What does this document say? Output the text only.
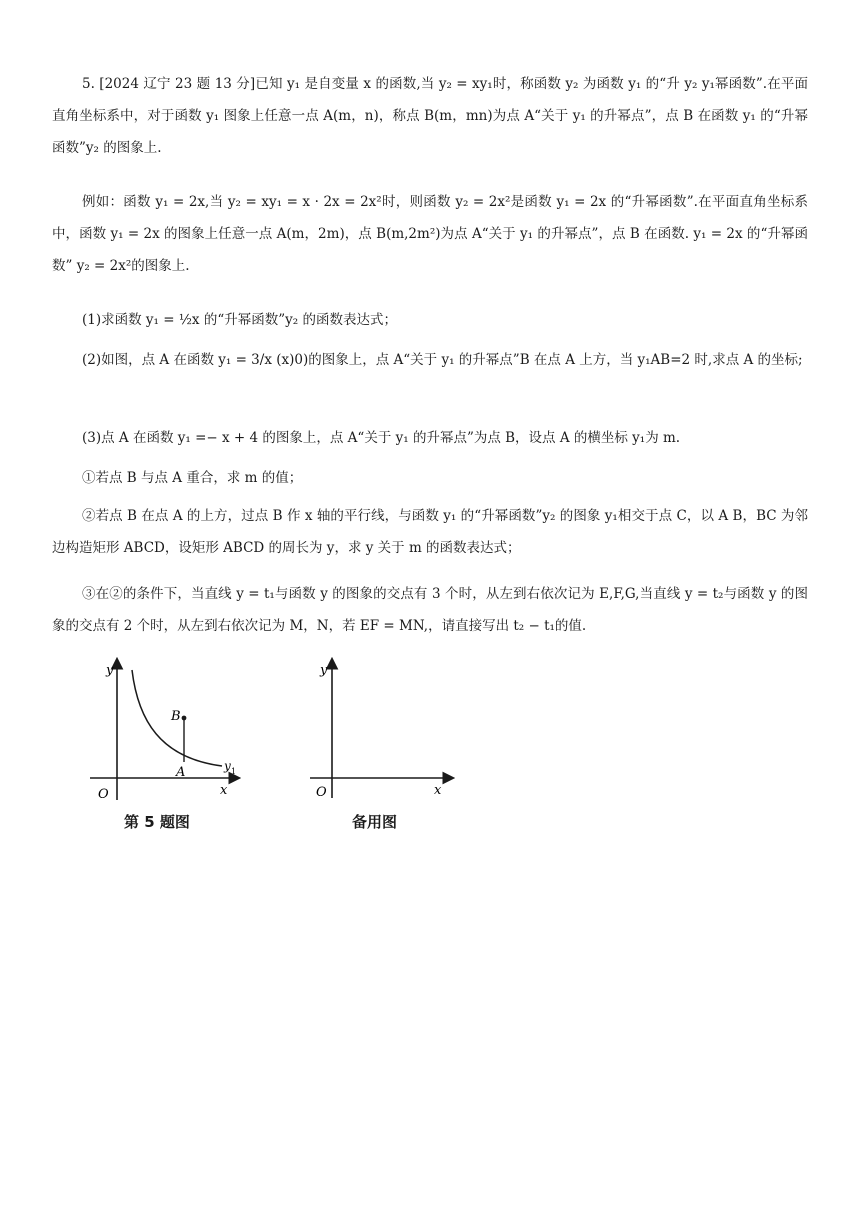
5. [2024 辽宁 23 题 13 分]已知 y₁ 是自变量 x 的函数,当 y₂ = xy₁时，称函数 y₂ 为函数 y₁ 的“升 y₂ y₁幂函数”.在平面直角坐标系中，对于函数 y₁ 图象上任意一点 A(m，n)，称点 B(m，mn)为点 A“关于 y₁ 的升幂点”，点 B 在函数 y₁ 的“升幂函数”y₂ 的图象上.
例如：函数 y₁ = 2x,当 y₂ = xy₁ = x · 2x = 2x²时，则函数 y₂ = 2x²是函数 y₁ = 2x 的“升幂函数”.在平面直角坐标系中，函数 y₁ = 2x 的图象上任意一点 A(m，2m)，点 B(m,2m²)为点 A“关于 y₁ 的升幂点”，点 B 在函数. y₁ = 2x 的“升幂函数” y₂ = 2x²的图象上.
(1)求函数 y₁ = ½x 的“升幂函数”y₂ 的函数表达式；
(2)如图，点 A 在函数 y₁ = 3/x (x)0)的图象上，点 A“关于 y₁ 的升幂点”B 在点 A 上方，当 y₁AB=2 时,求点 A 的坐标;
(3)点 A 在函数 y₁ =− x + 4 的图象上，点 A“关于 y₁ 的升幂点”为点 B，设点 A 的横坐标 y₁为 m.
①若点 B 与点 A 重合，求 m 的值；
②若点 B 在点 A 的上方，过点 B 作 x 轴的平行线，与函数 y₁ 的“升幂函数”y₂ 的图象 y₁相交于点 C，以 A B，BC 为邻边构造矩形 ABCD，设矩形 ABCD 的周长为 y，求 y 关于 m 的函数表达式；
③在②的条件下，当直线 y = t₁与函数 y 的图象的交点有 3 个时，从左到右依次记为 E,F,G,当直线 y = t₂与函数 y 的图象的交点有 2 个时，从左到右依次记为 M，N，若 EF = MN,，请直接写出 t₂ − t₁的值.
y
x
O
A
B
y 1
第 5 题图
y
x
O
备用图
